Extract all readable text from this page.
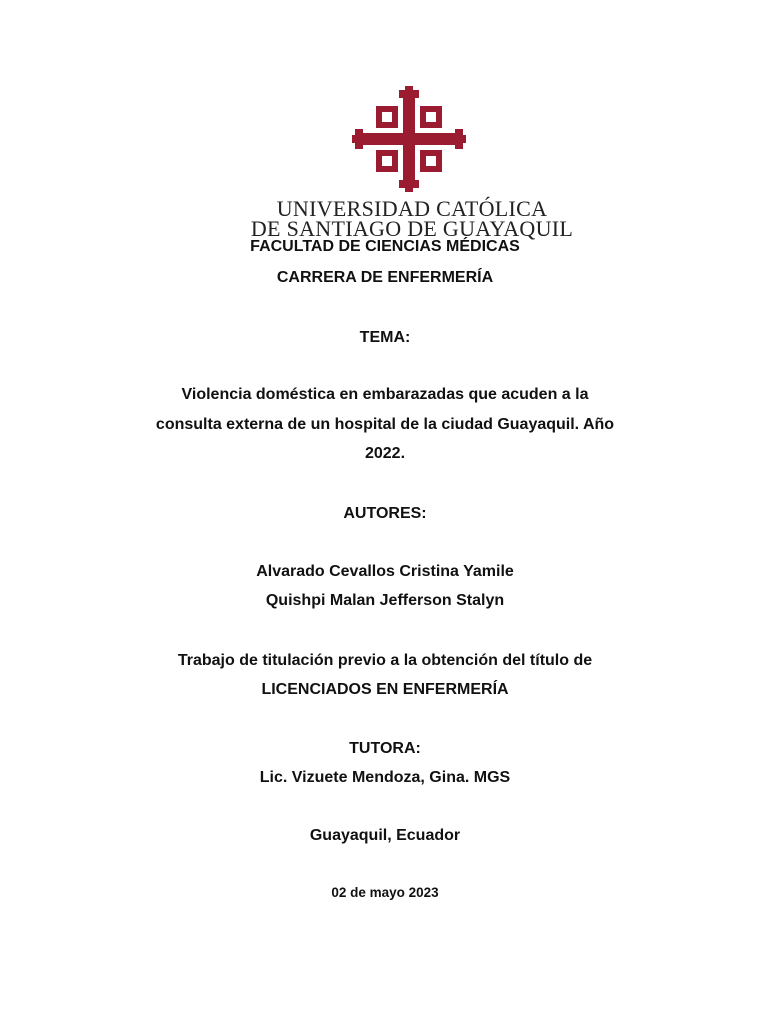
UNIVERSIDAD CATÓLICA
DE SANTIAGO DE GUAYAQUIL
FACULTAD DE CIENCIAS MÉDICAS
CARRERA DE ENFERMERÍA
TEMA:
Violencia doméstica en embarazadas que acuden a la
consulta externa de un hospital de la ciudad Guayaquil. Año
2022.
AUTORES:
Alvarado Cevallos Cristina Yamile
Quishpi Malan Jefferson Stalyn
Trabajo de titulación previo a la obtención del título de
LICENCIADOS EN ENFERMERÍA
TUTORA:
Lic. Vizuete Mendoza, Gina. MGS
Guayaquil, Ecuador
02 de mayo 2023
